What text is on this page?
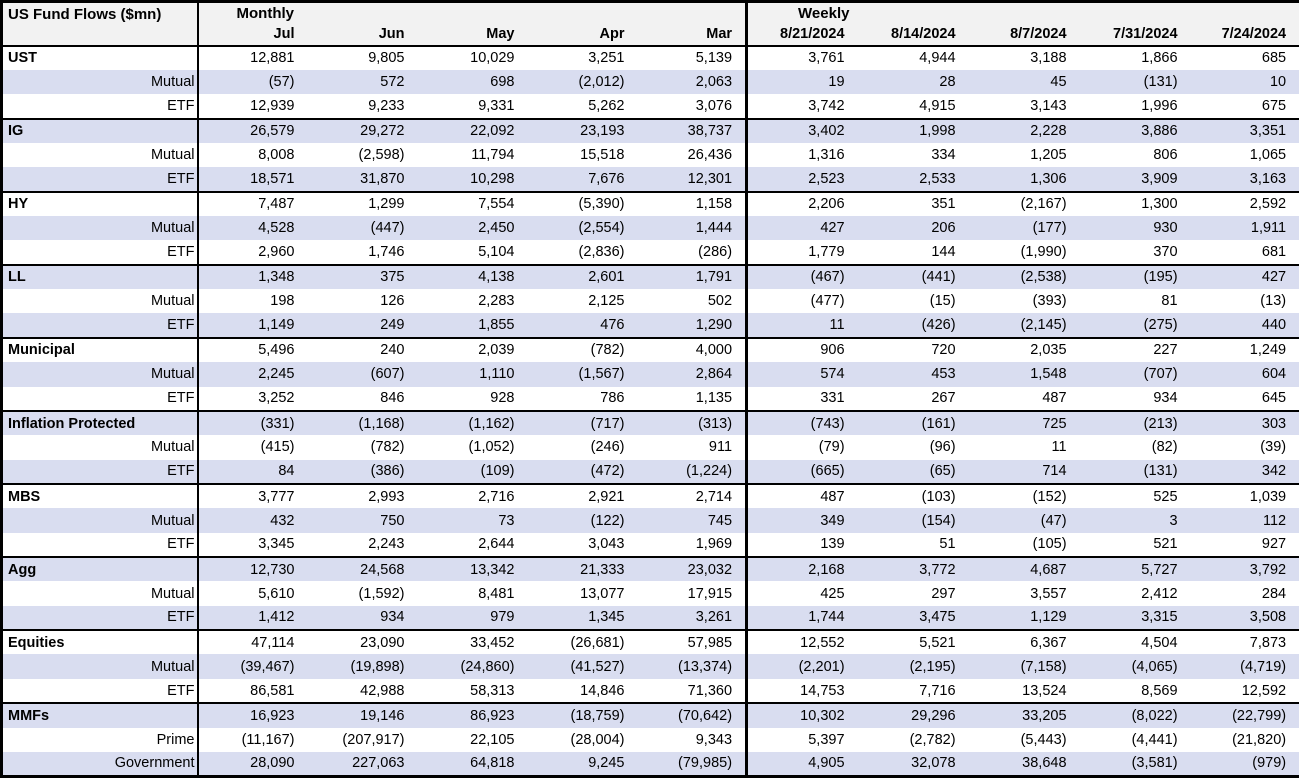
US Fund Flows ($mn)	Monthly					Weekly				
	Jul	Jun	May	Apr	Mar	8/21/2024	8/14/2024	8/7/2024	7/31/2024	7/24/2024
UST	12,881	9,805	10,029	3,251	5,139	3,761	4,944	3,188	1,866	685
Mutual	(57)	572	698	(2,012)	2,063	19	28	45	(131)	10
ETF	12,939	9,233	9,331	5,262	3,076	3,742	4,915	3,143	1,996	675
IG	26,579	29,272	22,092	23,193	38,737	3,402	1,998	2,228	3,886	3,351
Mutual	8,008	(2,598)	11,794	15,518	26,436	1,316	334	1,205	806	1,065
ETF	18,571	31,870	10,298	7,676	12,301	2,523	2,533	1,306	3,909	3,163
HY	7,487	1,299	7,554	(5,390)	1,158	2,206	351	(2,167)	1,300	2,592
Mutual	4,528	(447)	2,450	(2,554)	1,444	427	206	(177)	930	1,911
ETF	2,960	1,746	5,104	(2,836)	(286)	1,779	144	(1,990)	370	681
LL	1,348	375	4,138	2,601	1,791	(467)	(441)	(2,538)	(195)	427
Mutual	198	126	2,283	2,125	502	(477)	(15)	(393)	81	(13)
ETF	1,149	249	1,855	476	1,290	11	(426)	(2,145)	(275)	440
Municipal	5,496	240	2,039	(782)	4,000	906	720	2,035	227	1,249
Mutual	2,245	(607)	1,110	(1,567)	2,864	574	453	1,548	(707)	604
ETF	3,252	846	928	786	1,135	331	267	487	934	645
Inflation Protected	(331)	(1,168)	(1,162)	(717)	(313)	(743)	(161)	725	(213)	303
Mutual	(415)	(782)	(1,052)	(246)	911	(79)	(96)	11	(82)	(39)
ETF	84	(386)	(109)	(472)	(1,224)	(665)	(65)	714	(131)	342
MBS	3,777	2,993	2,716	2,921	2,714	487	(103)	(152)	525	1,039
Mutual	432	750	73	(122)	745	349	(154)	(47)	3	112
ETF	3,345	2,243	2,644	3,043	1,969	139	51	(105)	521	927
Agg	12,730	24,568	13,342	21,333	23,032	2,168	3,772	4,687	5,727	3,792
Mutual	5,610	(1,592)	8,481	13,077	17,915	425	297	3,557	2,412	284
ETF	1,412	934	979	1,345	3,261	1,744	3,475	1,129	3,315	3,508
Equities	47,114	23,090	33,452	(26,681)	57,985	12,552	5,521	6,367	4,504	7,873
Mutual	(39,467)	(19,898)	(24,860)	(41,527)	(13,374)	(2,201)	(2,195)	(7,158)	(4,065)	(4,719)
ETF	86,581	42,988	58,313	14,846	71,360	14,753	7,716	13,524	8,569	12,592
MMFs	16,923	19,146	86,923	(18,759)	(70,642)	10,302	29,296	33,205	(8,022)	(22,799)
Prime	(11,167)	(207,917)	22,105	(28,004)	9,343	5,397	(2,782)	(5,443)	(4,441)	(21,820)
Government	28,090	227,063	64,818	9,245	(79,985)	4,905	32,078	38,648	(3,581)	(979)
